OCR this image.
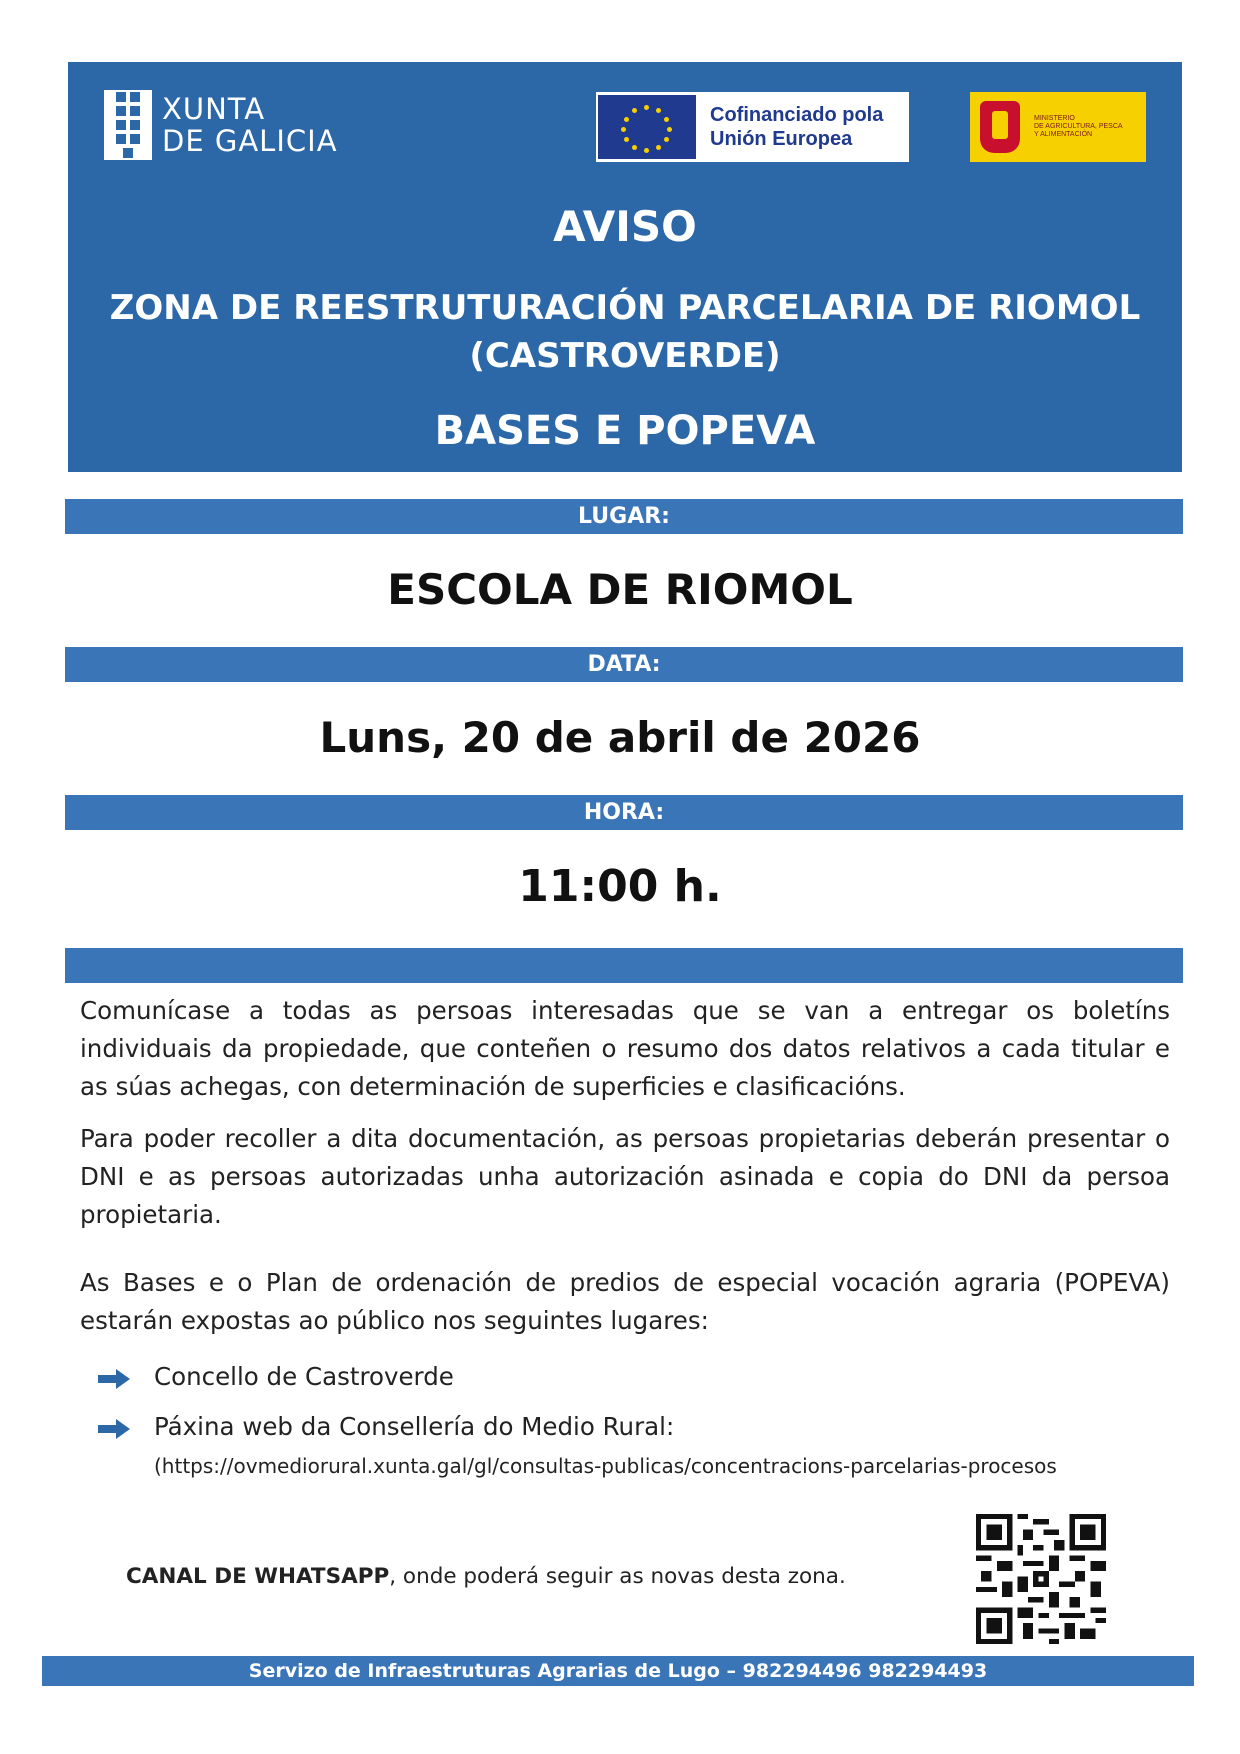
XUNTA
DE GALICIA
Cofinanciado pola
Unión Europea
MINISTERIO
DE AGRICULTURA, PESCA
Y ALIMENTACIÓN
AVISO
ZONA DE REESTRUTURACIÓN PARCELARIA DE RIOMOL
(CASTROVERDE)
BASES E POPEVA
LUGAR:
ESCOLA DE RIOMOL
DATA:
Luns, 20 de abril de 2026
HORA:
11:00 h.
Comunícase a todas as persoas interesadas que se van a entregar os boletíns individuais da propiedade, que conteñen o resumo dos datos relativos a cada titular e as súas achegas, con determinación de superficies e clasificacións.
Para poder recoller a dita documentación, as persoas propietarias deberán presentar o DNI e as persoas autorizadas unha autorización asinada e copia do DNI da persoa propietaria.
As Bases e o Plan de ordenación de predios de especial vocación agraria (POPEVA) estarán expostas ao público nos seguintes lugares:
Concello de Castroverde
Páxina web da Consellería do Medio Rural:
(https://ovmediorural.xunta.gal/gl/consultas-publicas/concentracions-parcelarias-procesos
CANAL DE WHATSAPP, onde poderá seguir as novas desta zona.
Servizo de Infraestruturas Agrarias de Lugo – 982294496 982294493
